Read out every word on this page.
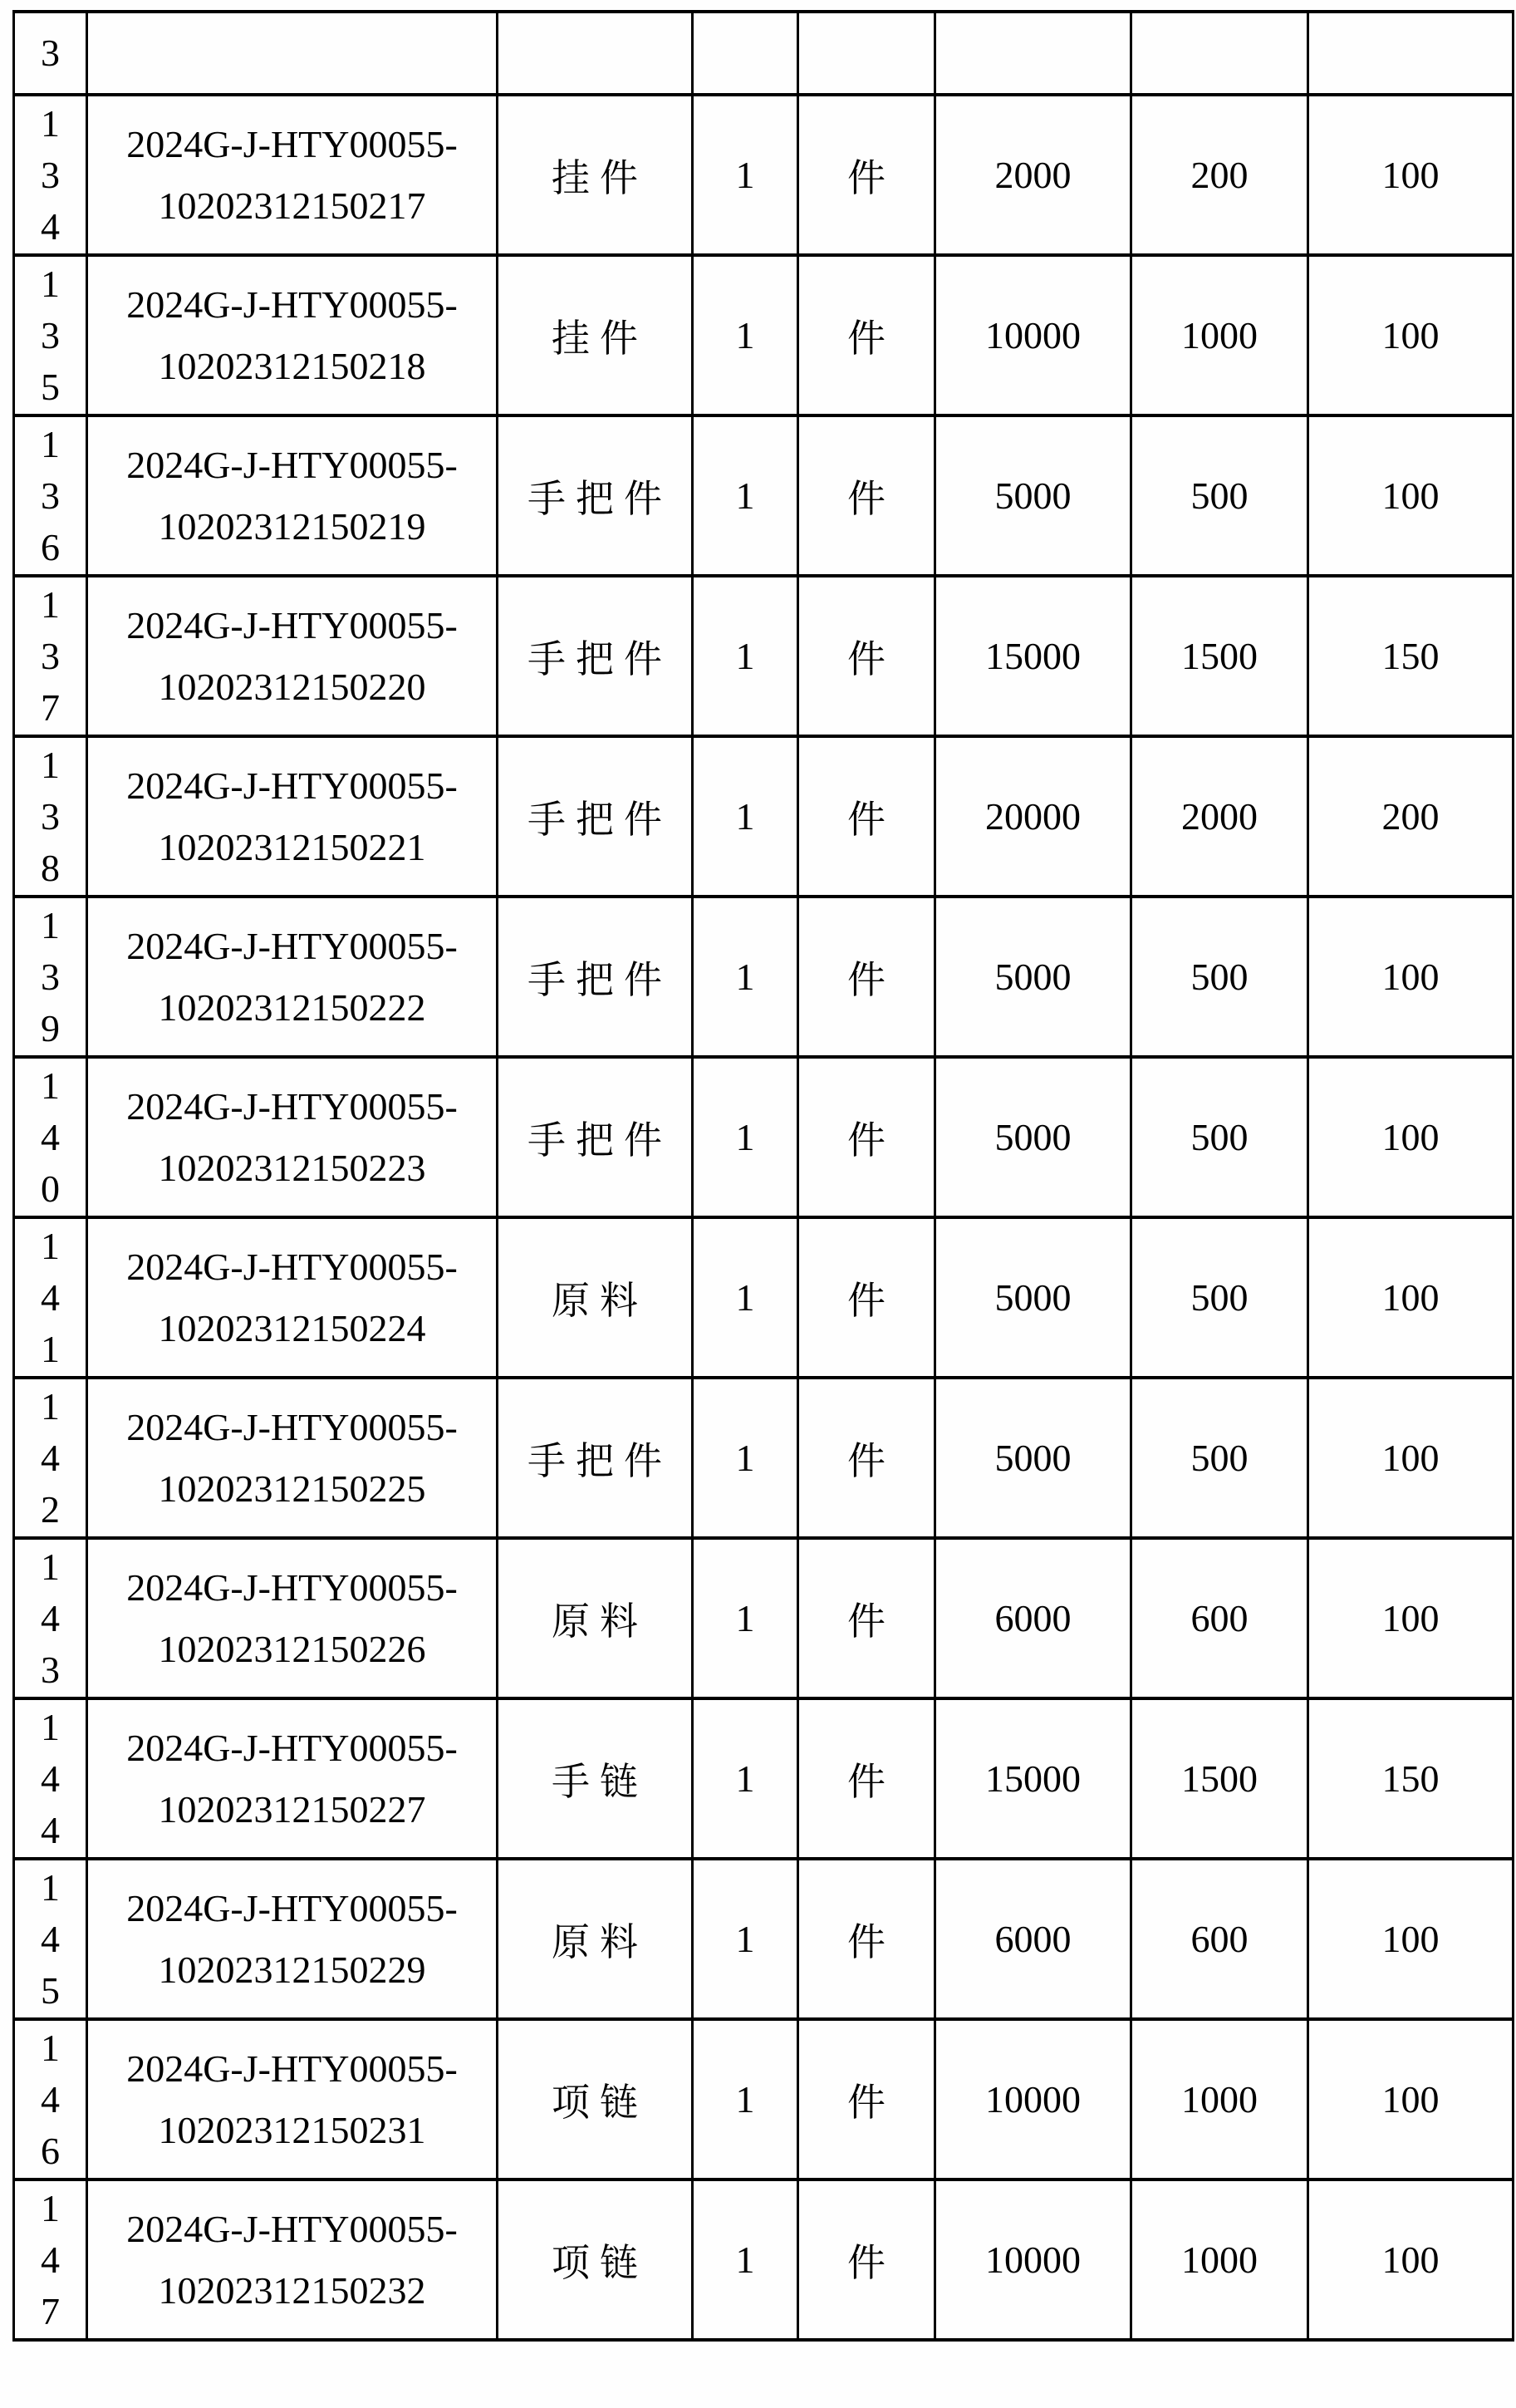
3	

134	2024G-J-HTY00055-
10202312150217	挂件	1	件	2000	200	100
135	2024G-J-HTY00055-
10202312150218	挂件	1	件	10000	1000	100
136	2024G-J-HTY00055-
10202312150219	手把件	1	件	5000	500	100
137	2024G-J-HTY00055-
10202312150220	手把件	1	件	15000	1500	150
138	2024G-J-HTY00055-
10202312150221	手把件	1	件	20000	2000	200
139	2024G-J-HTY00055-
10202312150222	手把件	1	件	5000	500	100
140	2024G-J-HTY00055-
10202312150223	手把件	1	件	5000	500	100
141	2024G-J-HTY00055-
10202312150224	原料	1	件	5000	500	100
142	2024G-J-HTY00055-
10202312150225	手把件	1	件	5000	500	100
143	2024G-J-HTY00055-
10202312150226	原料	1	件	6000	600	100
144	2024G-J-HTY00055-
10202312150227	手链	1	件	15000	1500	150
145	2024G-J-HTY00055-
10202312150229	原料	1	件	6000	600	100
146	2024G-J-HTY00055-
10202312150231	项链	1	件	10000	1000	100
147	2024G-J-HTY00055-
10202312150232	项链	1	件	10000	1000	100
